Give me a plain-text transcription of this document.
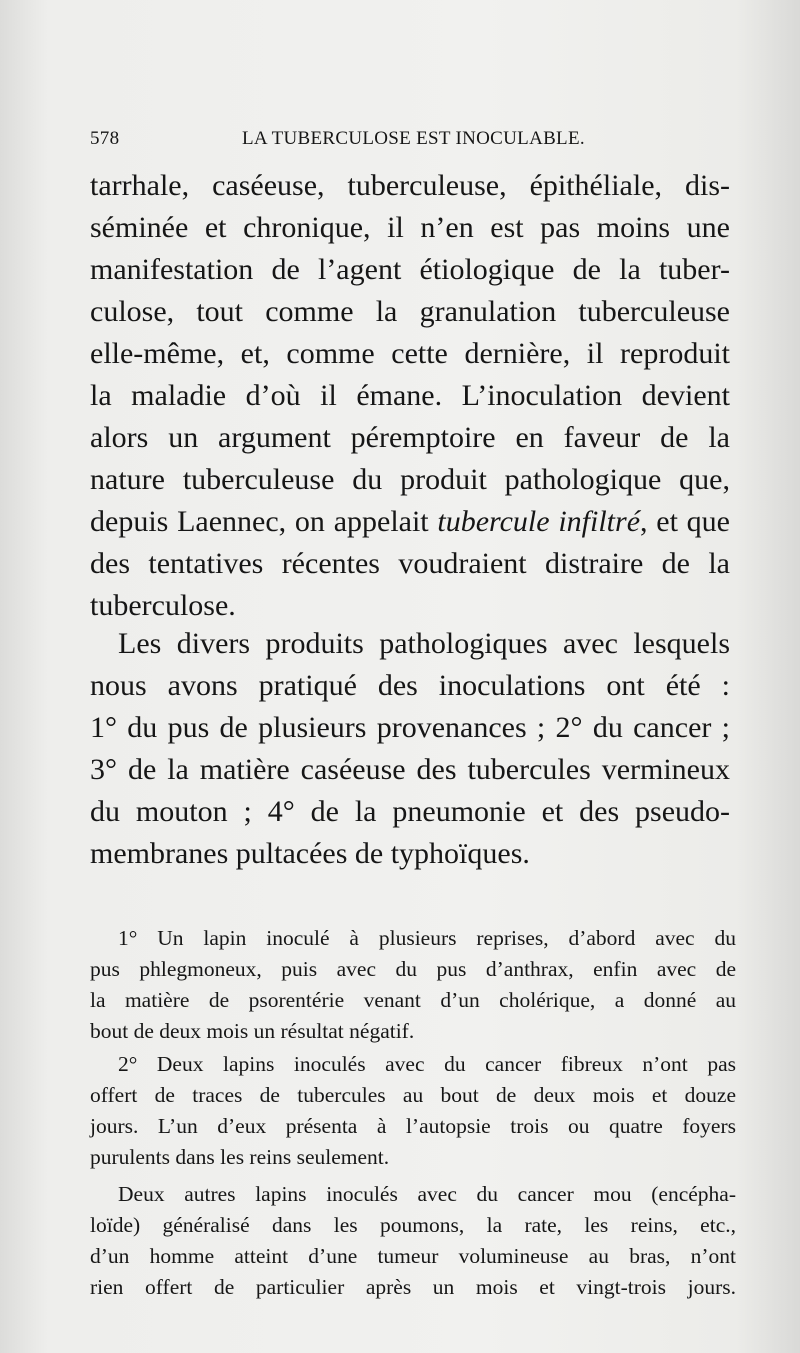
578	LA TUBERCULOSE EST INOCULABLE.
tarrhale, caséeuse, tuberculeuse, épithéliale, dis-
séminée et chronique, il n’en est pas moins une
manifestation de l’agent étiologique de la tuber-
culose, tout comme la granulation tuberculeuse
elle-même, et, comme cette dernière, il reproduit
la maladie d’où il émane. L’inoculation devient
alors un argument péremptoire en faveur de la
nature tuberculeuse du produit pathologique que,
depuis Laennec, on appelait tubercule infiltré, et que
des tentatives récentes voudraient distraire de la
tuberculose.
Les divers produits pathologiques avec lesquels
nous avons pratiqué des inoculations ont été :
1° du pus de plusieurs provenances ; 2° du cancer ;
3° de la matière caséeuse des tubercules vermineux
du mouton ; 4° de la pneumonie et des pseudo-
membranes pultacées de typhoïques.
1° Un lapin inoculé à plusieurs reprises, d’abord avec du
pus phlegmoneux, puis avec du pus d’anthrax, enfin avec de
la matière de psorentérie venant d’un cholérique, a donné au
bout de deux mois un résultat négatif.
2° Deux lapins inoculés avec du cancer fibreux n’ont pas
offert de traces de tubercules au bout de deux mois et douze
jours. L’un d’eux présenta à l’autopsie trois ou quatre foyers
purulents dans les reins seulement.
Deux autres lapins inoculés avec du cancer mou (encépha-
loïde) généralisé dans les poumons, la rate, les reins, etc.,
d’un homme atteint d’une tumeur volumineuse au bras, n’ont
rien offert de particulier après un mois et vingt-trois jours.
